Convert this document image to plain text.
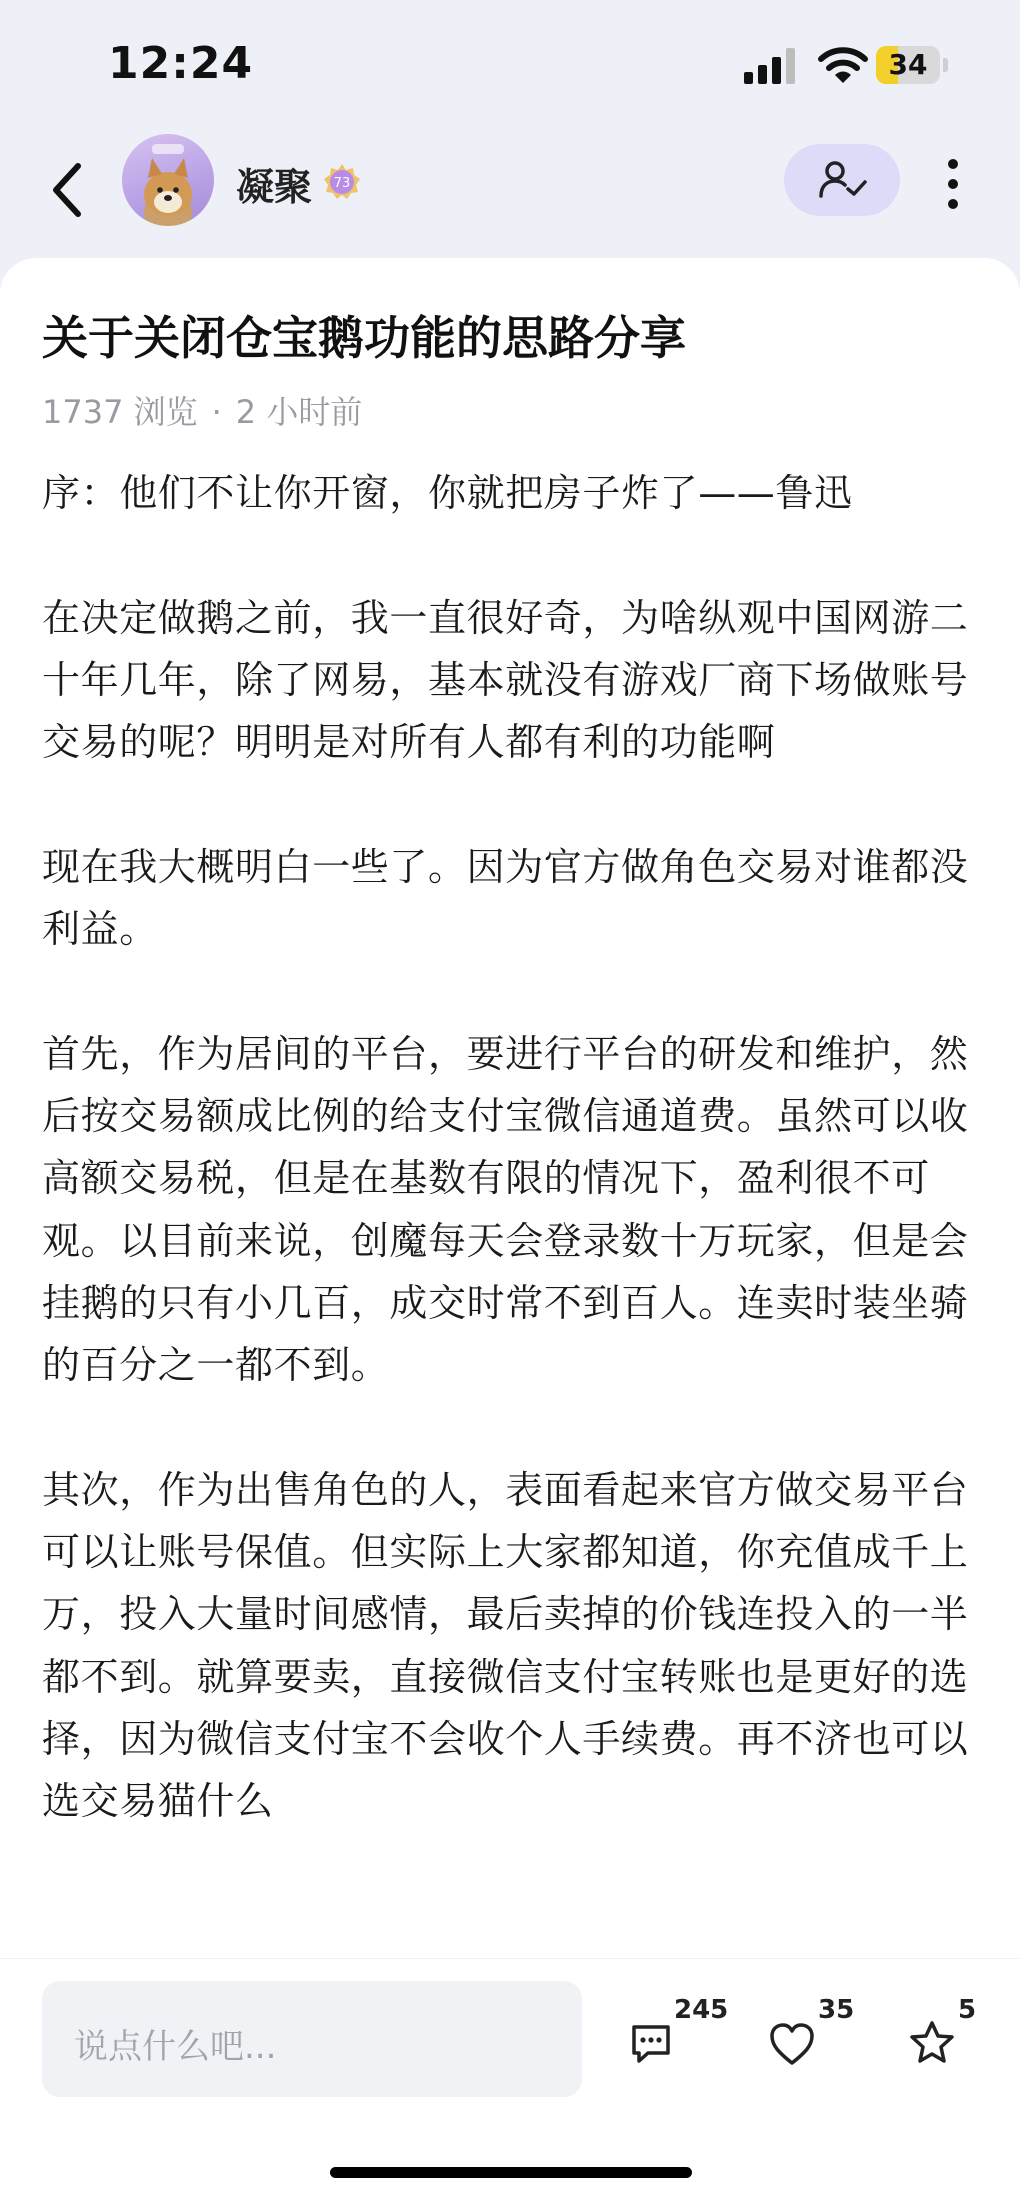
12:24	34
凝聚 73
关于关闭仓宝鹅功能的思路分享
1737 浏览 · 2 小时前

序：他们不让你开窗，你就把房子炸了——鲁迅

在决定做鹅之前，我一直很好奇，为啥纵观中国网游二十年几年，除了网易，基本就没有游戏厂商下场做账号交易的呢？明明是对所有人都有利的功能啊

现在我大概明白一些了。因为官方做角色交易对谁都没利益。

首先，作为居间的平台，要进行平台的研发和维护，然后按交易额成比例的给支付宝微信通道费。虽然可以收高额交易税，但是在基数有限的情况下，盈利很不可观。以目前来说，创魔每天会登录数十万玩家，但是会挂鹅的只有小几百，成交时常不到百人。连卖时装坐骑的百分之一都不到。

其次，作为出售角色的人，表面看起来官方做交易平台可以让账号保值。但实际上大家都知道，你充值成千上万，投入大量时间感情，最后卖掉的价钱连投入的一半都不到。就算要卖，直接微信支付宝转账也是更好的选择，因为微信支付宝不会收个人手续费。再不济也可以选交易猫什么

说点什么吧...
245	35	5
